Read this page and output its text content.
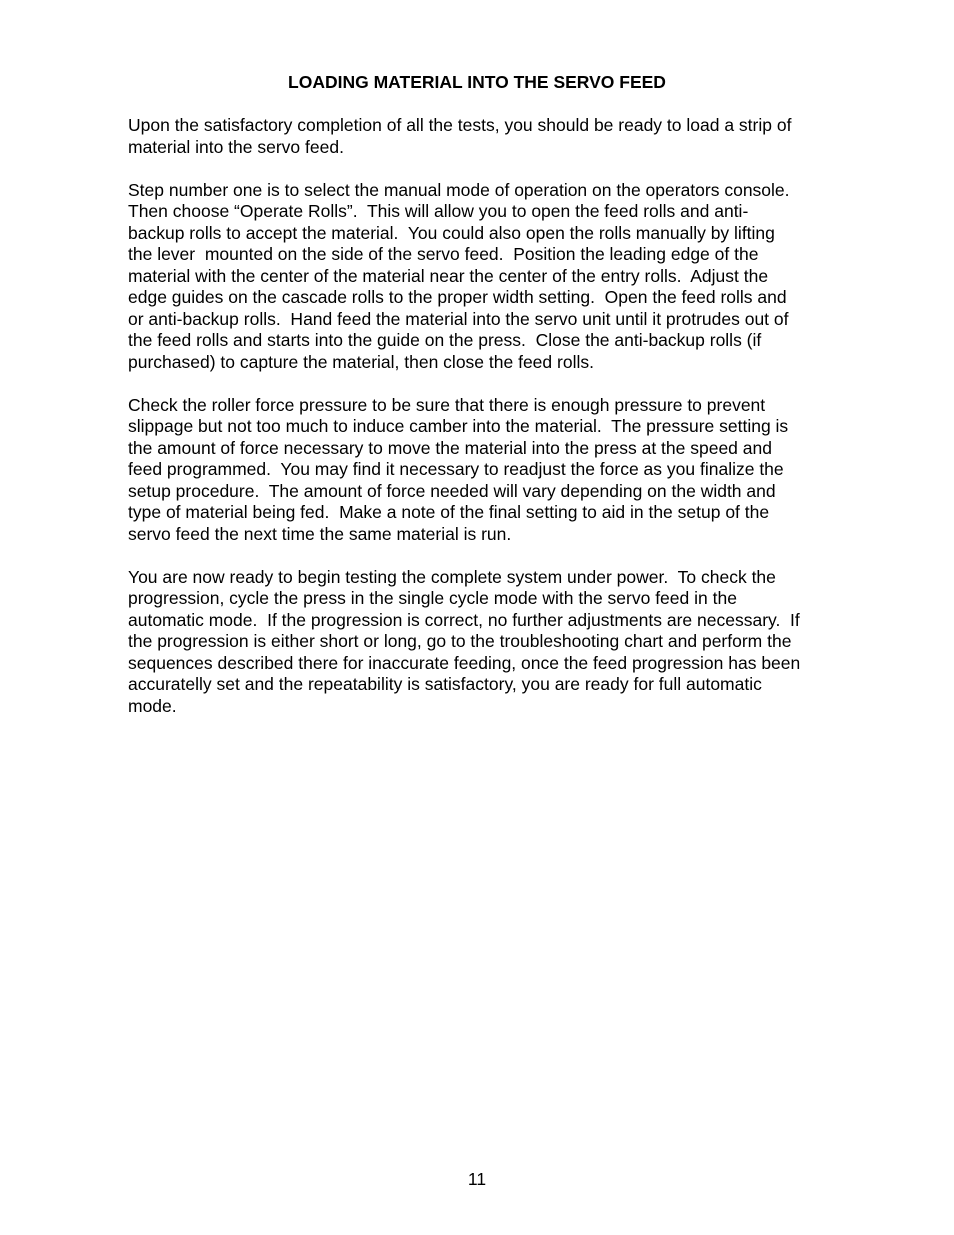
LOADING MATERIAL INTO THE SERVO FEED

Upon the satisfactory completion of all the tests, you should be ready to load a strip of
material into the servo feed.

Step number one is to select the manual mode of operation on the operators console.
Then choose “Operate Rolls”.  This will allow you to open the feed rolls and anti-
backup rolls to accept the material.  You could also open the rolls manually by lifting
the lever  mounted on the side of the servo feed.  Position the leading edge of the
material with the center of the material near the center of the entry rolls.  Adjust the
edge guides on the cascade rolls to the proper width setting.  Open the feed rolls and
or anti-backup rolls.  Hand feed the material into the servo unit until it protrudes out of
the feed rolls and starts into the guide on the press.  Close the anti-backup rolls (if
purchased) to capture the material, then close the feed rolls.

Check the roller force pressure to be sure that there is enough pressure to prevent
slippage but not too much to induce camber into the material.  The pressure setting is
the amount of force necessary to move the material into the press at the speed and
feed programmed.  You may find it necessary to readjust the force as you finalize the
setup procedure.  The amount of force needed will vary depending on the width and
type of material being fed.  Make a note of the final setting to aid in the setup of the
servo feed the next time the same material is run.

You are now ready to begin testing the complete system under power.  To check the
progression, cycle the press in the single cycle mode with the servo feed in the
automatic mode.  If the progression is correct, no further adjustments are necessary.  If
the progression is either short or long, go to the troubleshooting chart and perform the
sequences described there for inaccurate feeding, once the feed progression has been
accuratelly set and the repeatability is satisfactory, you are ready for full automatic
mode.

11
